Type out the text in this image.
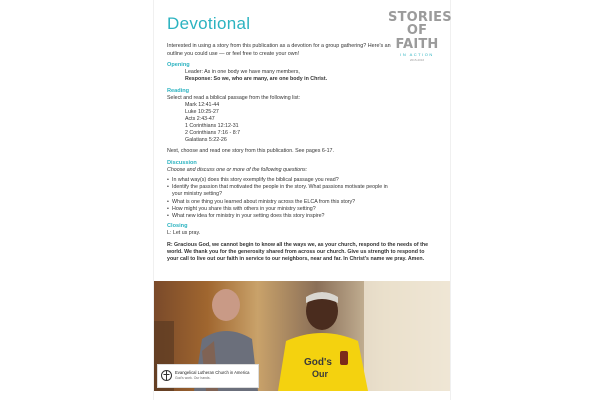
Devotional	STORIES
OF FAITH
IN ACTION
2015-2016
Interested in using a story from this publication as a devotion for a group gathering? Here's an outline you could use — or feel free to create your own!
Opening
Leader: As in one body we have many members,
Response: So we, who are many, are one body in Christ.
Reading
Select and read a biblical passage from the following list:
Mark 12:41-44
Luke 10:25-27
Acts 2:43-47
1 Corinthians 12:12-31
2 Corinthians 7:16 - 8:7
Galatians 5:22-26
Next, choose and read one story from this publication. See pages 6-17.
Discussion
Choose and discuss one or more of the following questions:
• In what way(s) does this story exemplify the biblical passage you read?
• Identify the passion that motivated the people in the story. What passions motivate people in your ministry setting?
• What is one thing you learned about ministry across the ELCA from this story?
• How might you share this with others in your ministry setting?
• What new idea for ministry in your setting does this story inspire?
Closing
L: Let us pray.
R: Gracious God, we cannot begin to know all the ways we, as your church, respond to the needs of the world. We thank you for the generosity shared from across our church. Give us strength to respond to your call to live out our faith in service to our neighbors, near and far. In Christ's name we pray. Amen.
God's
Our
Evangelical Lutheran Church in America
God's work. Our hands.
